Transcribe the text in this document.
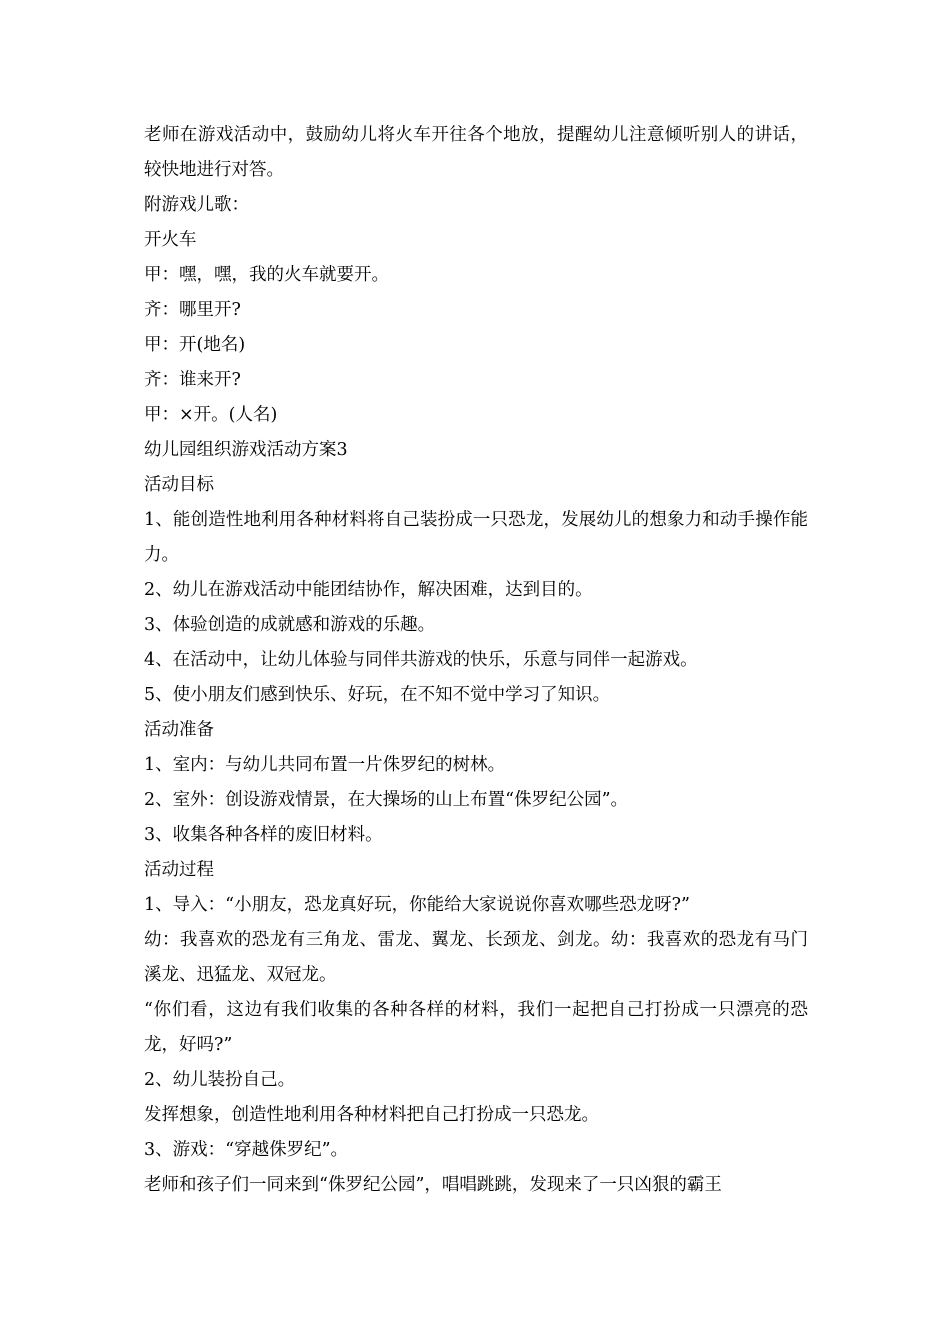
老师在游戏活动中，鼓励幼儿将火车开往各个地放，提醒幼儿注意倾听别人的讲话，较快地进行对答。

附游戏儿歌：

开火车

甲：嘿，嘿，我的火车就要开。

齐：哪里开?

甲：开(地名)

齐：谁来开?

甲：×开。(人名)

幼儿园组织游戏活动方案3

活动目标

1、能创造性地利用各种材料将自己装扮成一只恐龙，发展幼儿的想象力和动手操作能力。

2、幼儿在游戏活动中能团结协作，解决困难，达到目的。

3、体验创造的成就感和游戏的乐趣。

4、在活动中，让幼儿体验与同伴共游戏的快乐，乐意与同伴一起游戏。

5、使小朋友们感到快乐、好玩，在不知不觉中学习了知识。

活动准备

1、室内：与幼儿共同布置一片侏罗纪的树林。

2、室外：创设游戏情景，在大操场的山上布置“侏罗纪公园”。

3、收集各种各样的废旧材料。

活动过程

1、导入：“小朋友，恐龙真好玩，你能给大家说说你喜欢哪些恐龙呀?”

幼：我喜欢的恐龙有三角龙、雷龙、翼龙、长颈龙、剑龙。幼：我喜欢的恐龙有马门溪龙、迅猛龙、双冠龙。

“你们看，这边有我们收集的各种各样的材料，我们一起把自己打扮成一只漂亮的恐龙，好吗?”

2、幼儿装扮自己。

发挥想象，创造性地利用各种材料把自己打扮成一只恐龙。

3、游戏：“穿越侏罗纪”。

老师和孩子们一同来到“侏罗纪公园”，唱唱跳跳，发现来了一只凶狠的霸王
